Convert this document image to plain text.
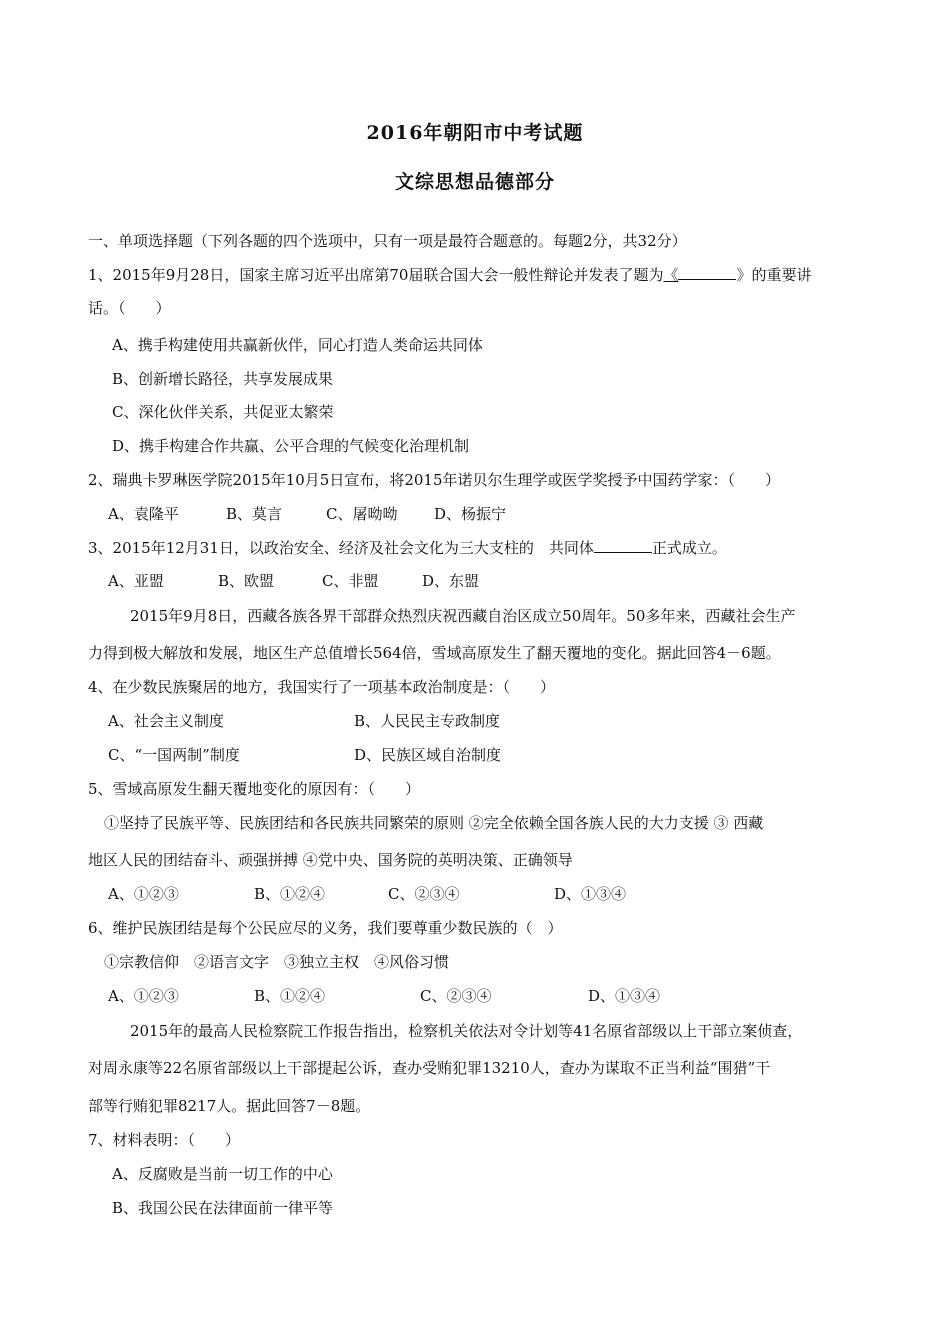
2016年朝阳市中考试题
文综思想品德部分
一、单项选择题（下列各题的四个选项中，只有一项是最符合题意的。每题2分，共32分）
1、2015年9月28日，国家主席习近平出席第70届联合国大会一般性辩论并发表了题为《	》的重要讲
话。（　　）
A、携手构建使用共赢新伙伴，同心打造人类命运共同体
B、创新增长路径，共享发展成果
C、深化伙伴关系，共促亚太繁荣
D、携手构建合作共赢、公平合理的气候变化治理机制
2、瑞典卡罗琳医学院2015年10月5日宣布，将2015年诺贝尔生理学或医学奖授予中国药学家：（　　）
A、袁隆平	B、莫言	C、屠呦呦 D、杨振宁
3、2015年12月31日，以政治安全、经济及社会文化为三大支柱的　共同体	正式成立。
A、亚盟	B、欧盟	C、非盟	D、东盟
2015年9月8日，西藏各族各界干部群众热烈庆祝西藏自治区成立50周年。50多年来，西藏社会生产
力得到极大解放和发展，地区生产总值增长564倍，雪域高原发生了翻天覆地的变化。据此回答4－6题。
4、在少数民族聚居的地方，我国实行了一项基本政治制度是：（　　）
A、社会主义制度	B、人民民主专政制度
C、“一国两制”制度	D、民族区域自治制度
5、雪域高原发生翻天覆地变化的原因有：（　　）
①坚持了民族平等、民族团结和各民族共同繁荣的原则 ②完全依赖全国各族人民的大力支援 ③ 西藏
地区人民的团结奋斗、顽强拼搏 ④党中央、国务院的英明决策、正确领导
A、①②③	B、①②④	C、②③④	D、①③④
6、维护民族团结是每个公民应尽的义务，我们要尊重少数民族的（　）
①宗教信仰　②语言文字　③独立主权　④风俗习惯
A、①②③	B、①②④	C、②③④	D、①③④
2015年的最高人民检察院工作报告指出，检察机关依法对令计划等41名原省部级以上干部立案侦查，
对周永康等22名原省部级以上干部提起公诉，查办受贿犯罪13210人，查办为谋取不正当利益“围猎”干
部等行贿犯罪8217人。据此回答7－8题。
7、材料表明：（　　）
A、反腐败是当前一切工作的中心
B、我国公民在法律面前一律平等
